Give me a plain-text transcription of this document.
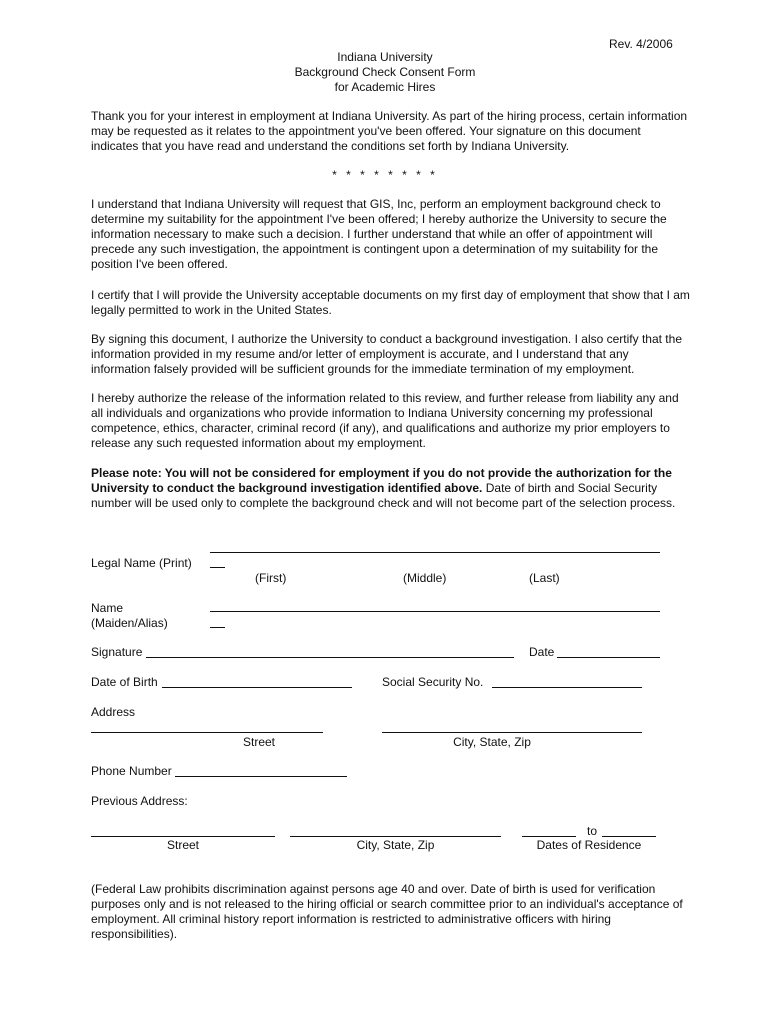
Rev. 4/2006
Indiana University
Background Check Consent Form
for Academic Hires
Thank you for your interest in employment at Indiana University. As part of the hiring process, certain information may be requested as it relates to the appointment you've been offered. Your signature on this document indicates that you have read and understand the conditions set forth by Indiana University.
* * * * * * * *
I understand that Indiana University will request that GIS, Inc, perform an employment background check to determine my suitability for the appointment I've been offered; I hereby authorize the University to secure the information necessary to make such a decision. I further understand that while an offer of appointment will precede any such investigation, the appointment is contingent upon a determination of my suitability for the position I've been offered.
I certify that I will provide the University acceptable documents on my first day of employment that show that I am legally permitted to work in the United States.
By signing this document, I authorize the University to conduct a background investigation. I also certify that the information provided in my resume and/or letter of employment is accurate, and I understand that any information falsely provided will be sufficient grounds for the immediate termination of my employment.
I hereby authorize the release of the information related to this review, and further release from liability any and all individuals and organizations who provide information to Indiana University concerning my professional competence, ethics, character, criminal record (if any), and qualifications and authorize my prior employers to release any such requested information about my employment.
Please note: You will not be considered for employment if you do not provide the authorization for the University to conduct the background investigation identified above. Date of birth and Social Security number will be used only to complete the background check and will not become part of the selection process.
Legal Name (Print)
(First)	(Middle)	(Last)
Name
(Maiden/Alias)
Signature	Date
Date of Birth	Social Security No.
Address
Street	City, State, Zip
Phone Number
Previous Address:
to
Street	City, State, Zip	Dates of Residence
(Federal Law prohibits discrimination against persons age 40 and over. Date of birth is used for verification purposes only and is not released to the hiring official or search committee prior to an individual's acceptance of employment. All criminal history report information is restricted to administrative officers with hiring responsibilities).
